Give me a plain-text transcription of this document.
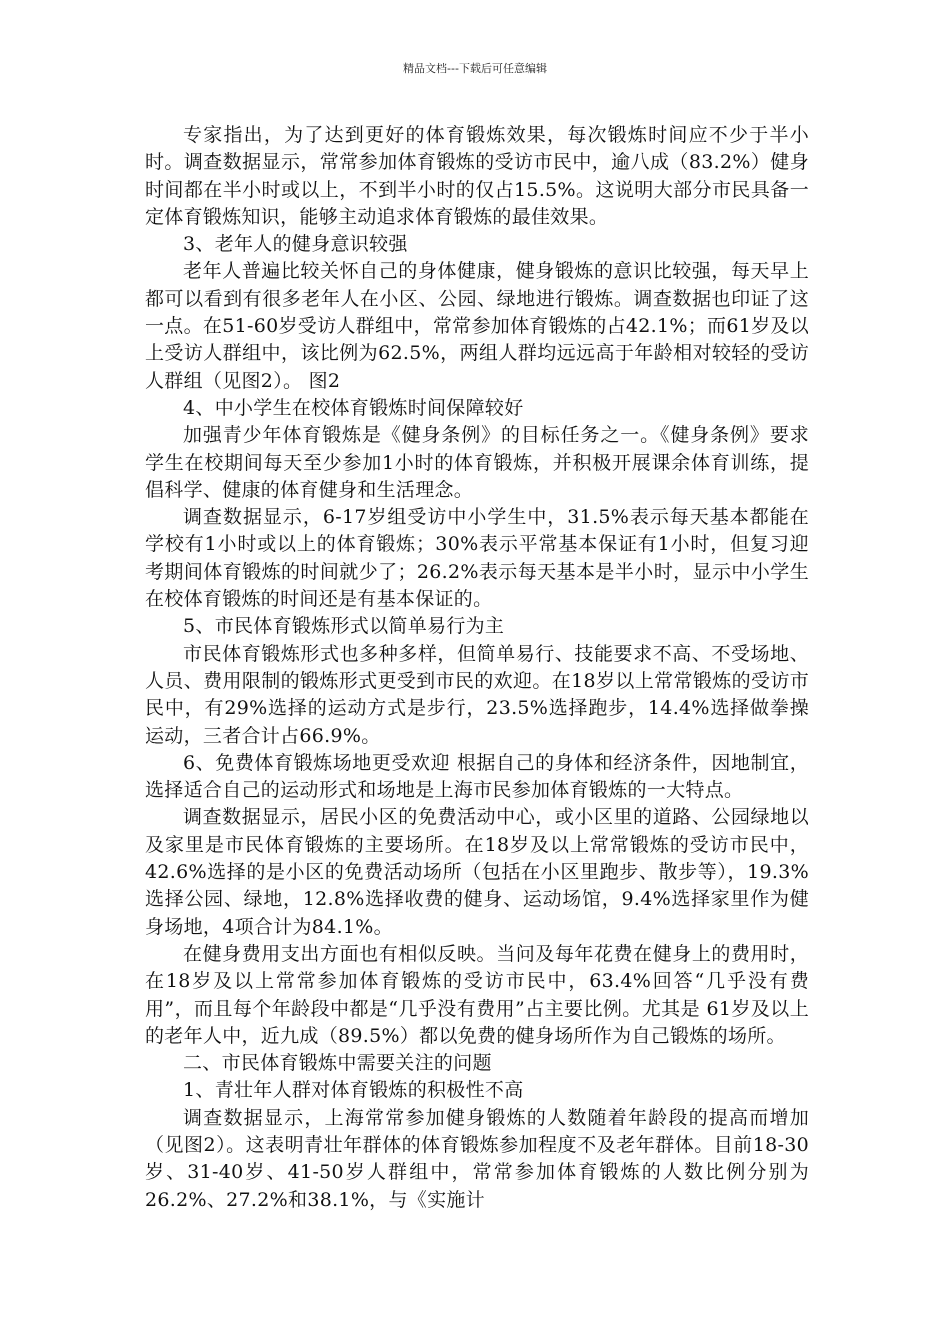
精品文档---下载后可任意编辑

专家指出，为了达到更好的体育锻炼效果，每次锻炼时间应不少于半小时。调查数据显示，常常参加体育锻炼的受访市民中，逾八成（83.2%）健身时间都在半小时或以上，不到半小时的仅占15.5%。这说明大部分市民具备一定体育锻炼知识，能够主动追求体育锻炼的最佳效果。

3、老年人的健身意识较强

老年人普遍比较关怀自己的身体健康，健身锻炼的意识比较强，每天早上都可以看到有很多老年人在小区、公园、绿地进行锻炼。调查数据也印证了这一点。在51-60岁受访人群组中，常常参加体育锻炼的占42.1%；而61岁及以上受访人群组中，该比例为62.5%，两组人群均远远高于年龄相对较轻的受访人群组（见图2）。 图2

4、中小学生在校体育锻炼时间保障较好

加强青少年体育锻炼是《健身条例》的目标任务之一。《健身条例》要求学生在校期间每天至少参加1小时的体育锻炼，并积极开展课余体育训练，提倡科学、健康的体育健身和生活理念。

调查数据显示，6-17岁组受访中小学生中，31.5%表示每天基本都能在学校有1小时或以上的体育锻炼；30%表示平常基本保证有1小时，但复习迎考期间体育锻炼的时间就少了；26.2%表示每天基本是半小时，显示中小学生在校体育锻炼的时间还是有基本保证的。

5、市民体育锻炼形式以简单易行为主

市民体育锻炼形式也多种多样，但简单易行、技能要求不高、不受场地、人员、费用限制的锻炼形式更受到市民的欢迎。在18岁以上常常锻炼的受访市民中，有29%选择的运动方式是步行，23.5%选择跑步，14.4%选择做拳操运动，三者合计占66.9%。

6、免费体育锻炼场地更受欢迎 根据自己的身体和经济条件，因地制宜，选择适合自己的运动形式和场地是上海市民参加体育锻炼的一大特点。

调查数据显示，居民小区的免费活动中心，或小区里的道路、公园绿地以及家里是市民体育锻炼的主要场所。在18岁及以上常常锻炼的受访市民中，42.6%选择的是小区的免费活动场所（包括在小区里跑步、散步等），19.3%选择公园、绿地，12.8%选择收费的健身、运动场馆，9.4%选择家里作为健身场地，4项合计为84.1%。

在健身费用支出方面也有相似反映。当问及每年花费在健身上的费用时，在18岁及以上常常参加体育锻炼的受访市民中，63.4%回答“几乎没有费用”，而且每个年龄段中都是“几乎没有费用”占主要比例。尤其是 61岁及以上的老年人中，近九成（89.5%）都以免费的健身场所作为自己锻炼的场所。

二、市民体育锻炼中需要关注的问题

1、青壮年人群对体育锻炼的积极性不高

调查数据显示，上海常常参加健身锻炼的人数随着年龄段的提高而增加（见图2）。这表明青壮年群体的体育锻炼参加程度不及老年群体。目前18-30岁、31-40岁、41-50岁人群组中，常常参加体育锻炼的人数比例分别为26.2%、27.2%和38.1%，与《实施计
